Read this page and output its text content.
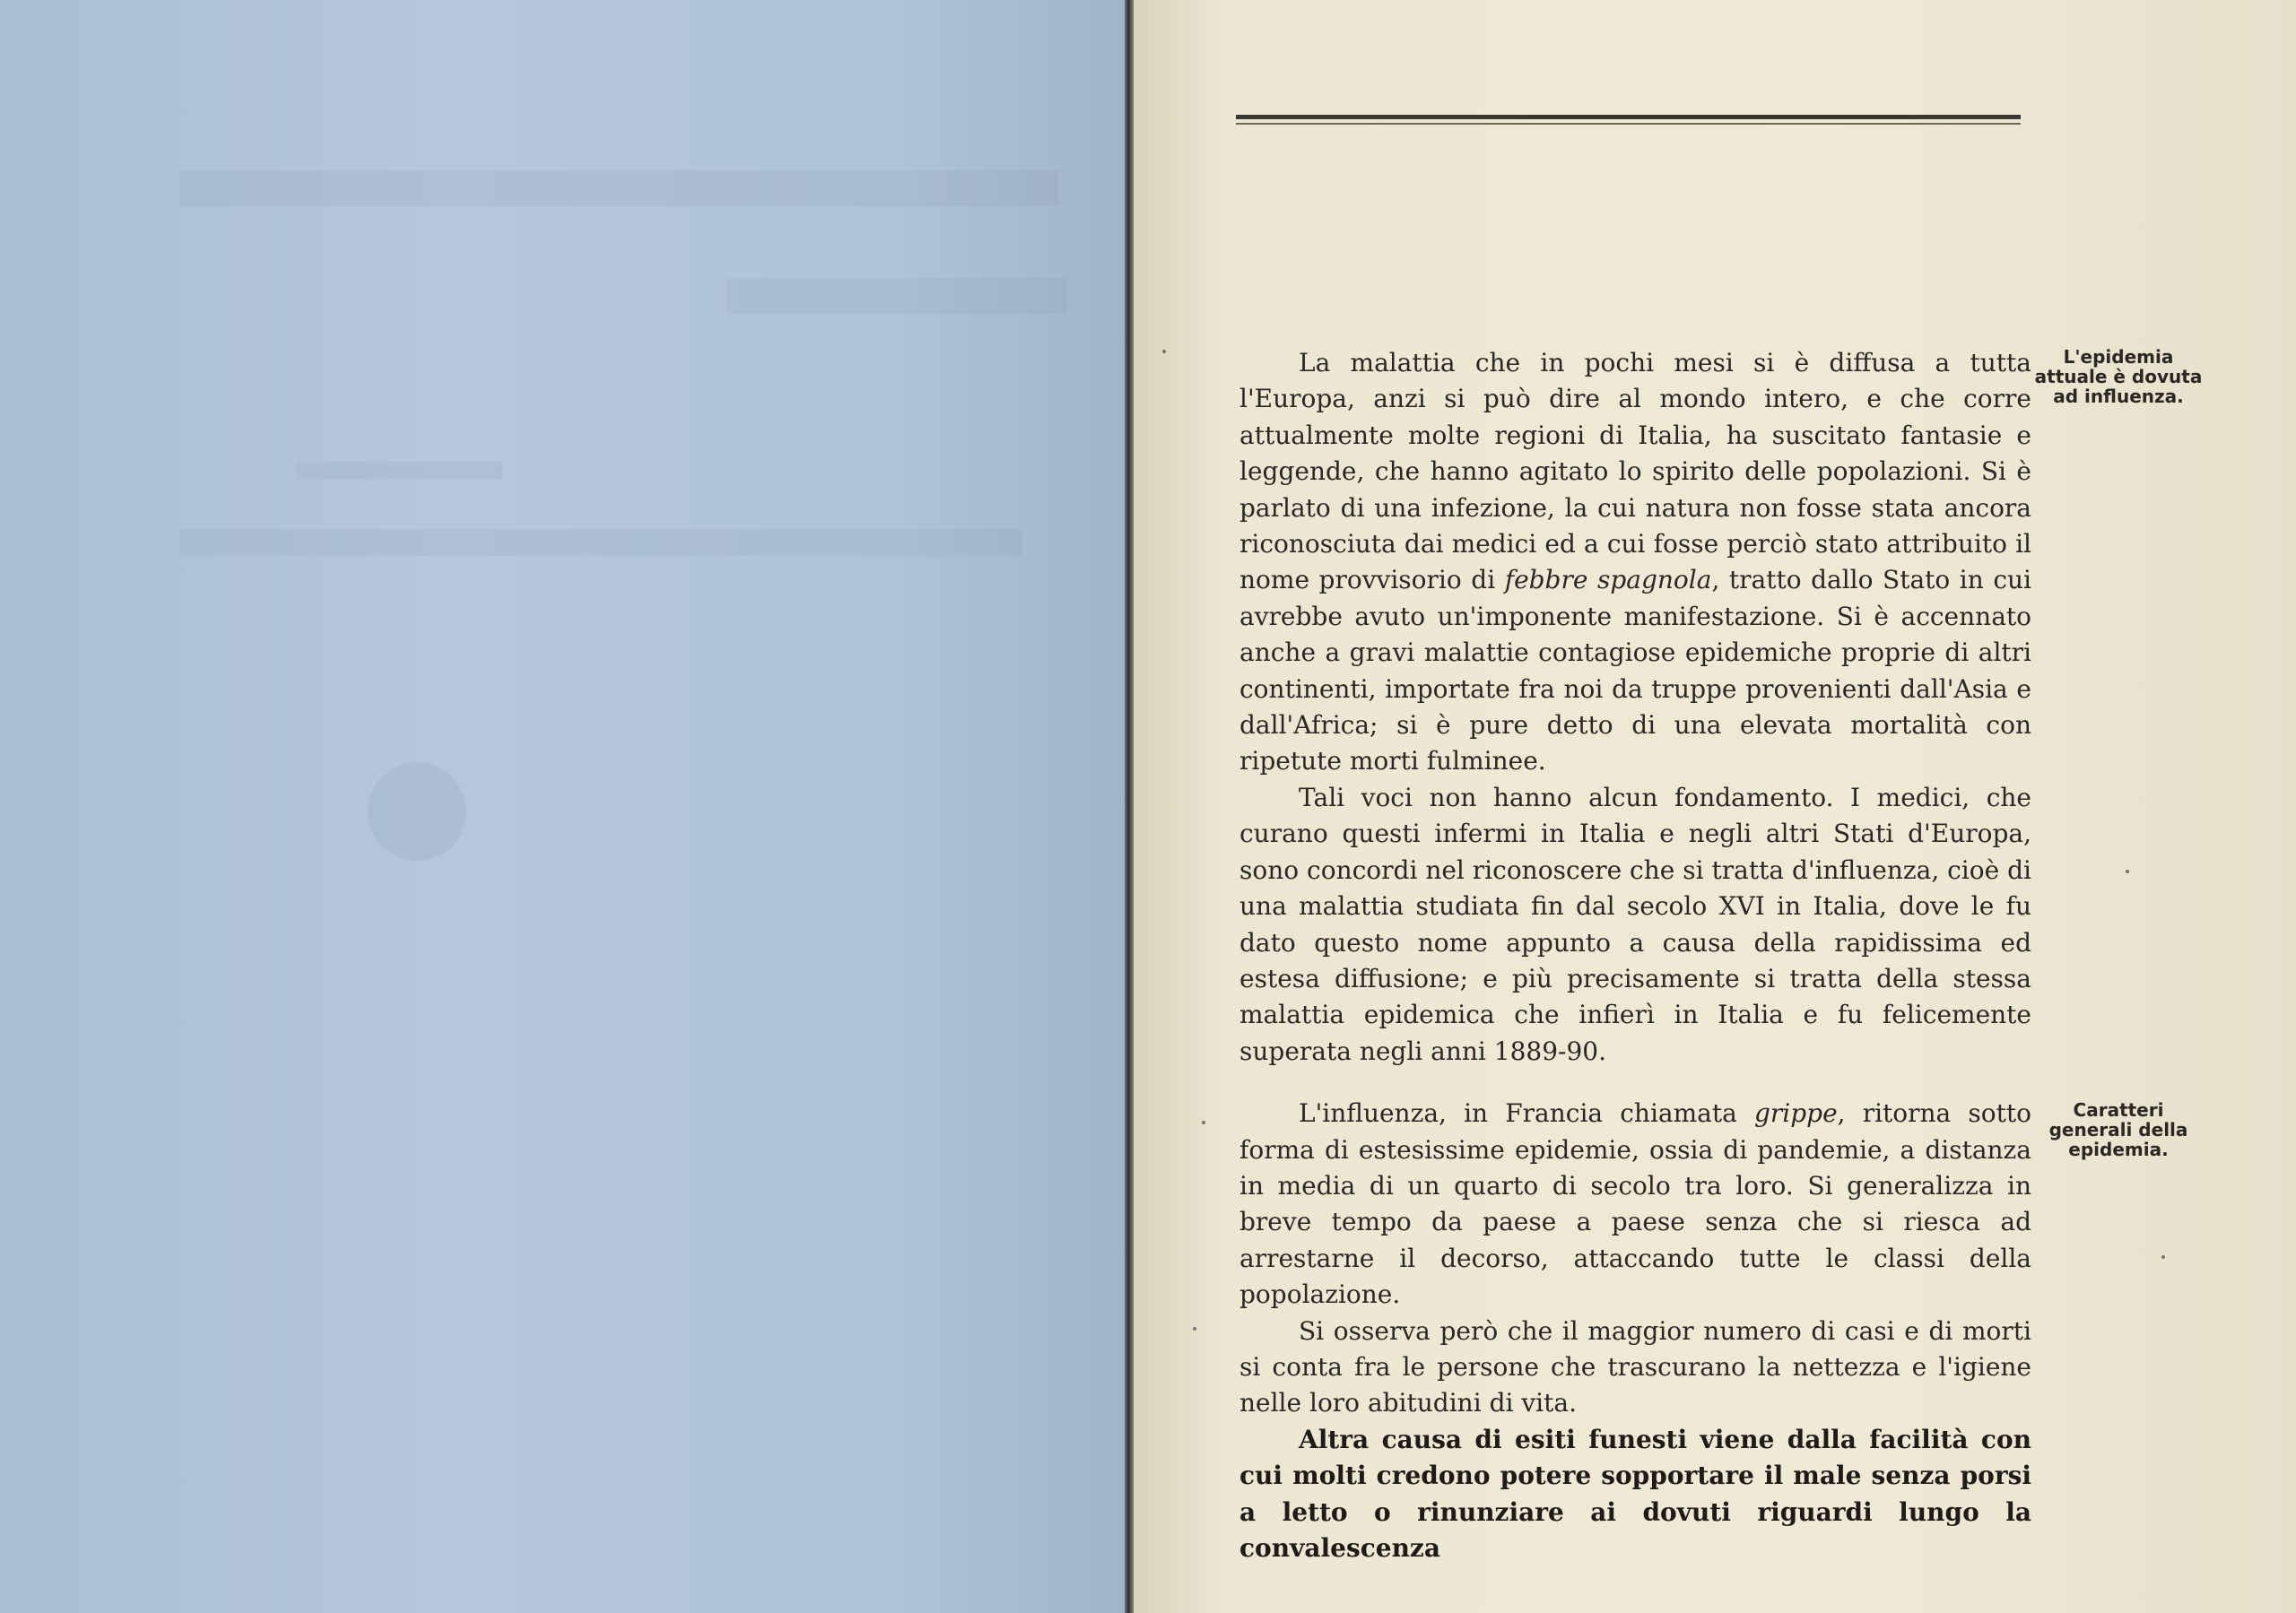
La malattia che in pochi mesi si è diffusa a tutta l'Europa, anzi si può dire al mondo intero, e che corre attualmente molte regioni di Italia, ha suscitato fantasie e leggende, che hanno agitato lo spirito delle popolazioni. Si è parlato di una infezione, la cui natura non fosse stata ancora riconosciuta dai medici ed a cui fosse perciò stato attribuito il nome provvisorio di febbre spagnola, tratto dallo Stato in cui avrebbe avuto un'imponente manifestazione. Si è accennato anche a gravi malattie contagiose epidemiche proprie di altri continenti, importate fra noi da truppe provenienti dall'Asia e dall'Africa; si è pure detto di una elevata mortalità con ripetute morti fulminee.

Tali voci non hanno alcun fondamento. I medici, che curano questi infermi in Italia e negli altri Stati d'Europa, sono concordi nel riconoscere che si tratta d'influenza, cioè di una malattia studiata fin dal secolo XVI in Italia, dove le fu dato questo nome appunto a causa della rapidissima ed estesa diffusione; e più precisamente si tratta della stessa malattia epidemica che infierì in Italia e fu felicemente superata negli anni 1889-90.

L'influenza, in Francia chiamata grippe, ritorna sotto forma di estesissime epidemie, ossia di pandemie, a distanza in media di un quarto di secolo tra loro. Si generalizza in breve tempo da paese a paese senza che si riesca ad arrestarne il decorso, attaccando tutte le classi della popolazione.

Si osserva però che il maggior numero di casi e di morti si conta fra le persone che trascurano la nettezza e l'igiene nelle loro abitudini di vita.

Altra causa di esiti funesti viene dalla facilità con cui molti credono potere sopportare il male senza porsi a letto o rinunziare ai dovuti riguardi lungo la convalescenza

L'epidemia attuale è dovuta ad influenza.
Caratteri generali della epidemia.
